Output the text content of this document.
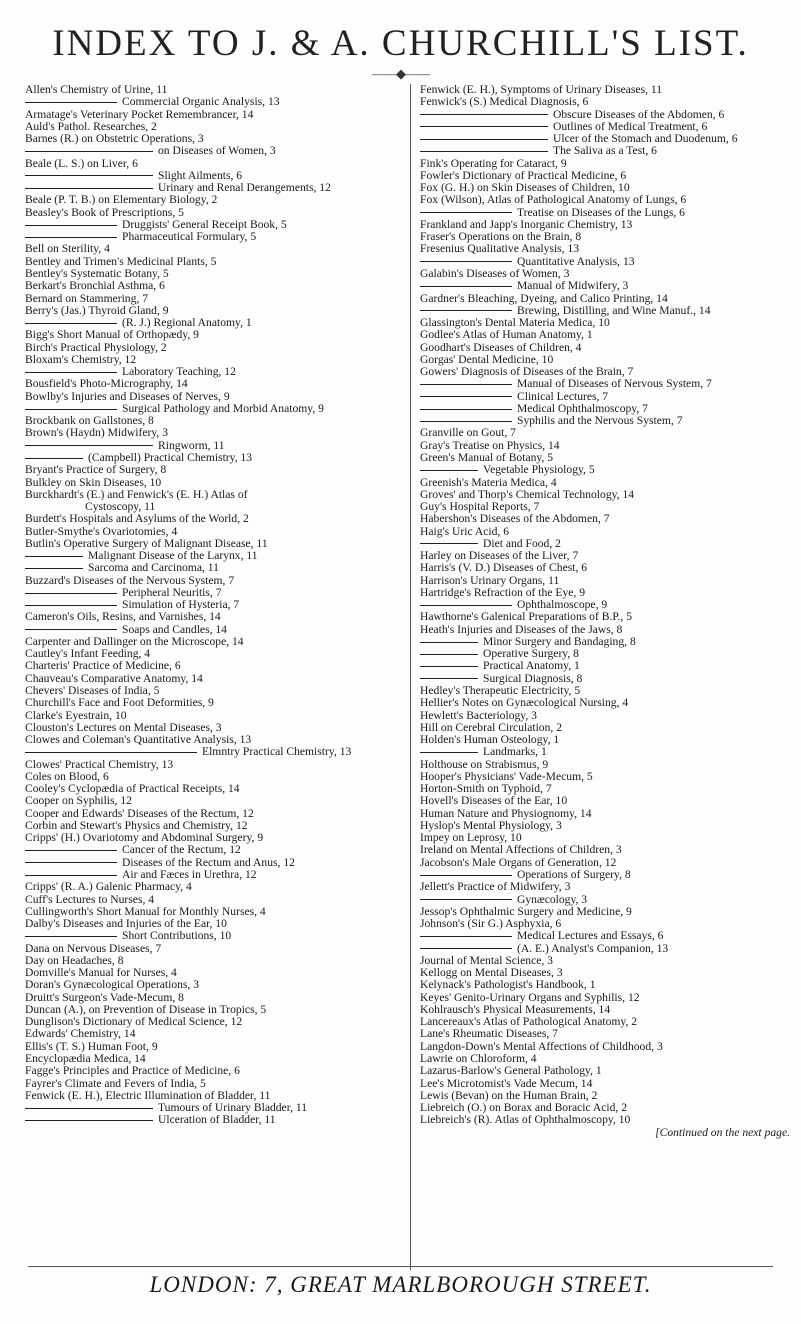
INDEX TO J. & A. CHURCHILL'S LIST.
——◆——
Allen's Chemistry of Urine, 11
Commercial Organic Analysis, 13
Armatage's Veterinary Pocket Remembrancer, 14
Auld's Pathol. Researches, 2
Barnes (R.) on Obstetric Operations, 3
on Diseases of Women, 3
Beale (L. S.) on Liver, 6
Slight Ailments, 6
Urinary and Renal Derangements, 12
Beale (P. T. B.) on Elementary Biology, 2
Beasley's Book of Prescriptions, 5
Druggists' General Receipt Book, 5
Pharmaceutical Formulary, 5
Bell on Sterility, 4
Bentley and Trimen's Medicinal Plants, 5
Bentley's Systematic Botany, 5
Berkart's Bronchial Asthma, 6
Bernard on Stammering, 7
Berry's (Jas.) Thyroid Gland, 9
(R. J.) Regional Anatomy, 1
Bigg's Short Manual of Orthopædy, 9
Birch's Practical Physiology, 2
Bloxam's Chemistry, 12
Laboratory Teaching, 12
Bousfield's Photo-Micrography, 14
Bowlby's Injuries and Diseases of Nerves, 9
Surgical Pathology and Morbid Anatomy, 9
Brockbank on Gallstones, 8
Brown's (Haydn) Midwifery, 3
Ringworm, 11
(Campbell) Practical Chemistry, 13
Bryant's Practice of Surgery, 8
Bulkley on Skin Diseases, 10
Burckhardt's (E.) and Fenwick's (E. H.) Atlas of
Cystoscopy, 11
Burdett's Hospitals and Asylums of the World, 2
Butler-Smythe's Ovariotomies, 4
Butlin's Operative Surgery of Malignant Disease, 11
Malignant Disease of the Larynx, 11
Sarcoma and Carcinoma, 11
Buzzard's Diseases of the Nervous System, 7
Peripheral Neuritis, 7
Simulation of Hysteria, 7
Cameron's Oils, Resins, and Varnishes, 14
Soaps and Candles, 14
Carpenter and Dallinger on the Microscope, 14
Cautley's Infant Feeding, 4
Charteris' Practice of Medicine, 6
Chauveau's Comparative Anatomy, 14
Chevers' Diseases of India, 5
Churchill's Face and Foot Deformities, 9
Clarke's Eyestrain, 10
Clouston's Lectures on Mental Diseases, 3
Clowes and Coleman's Quantitative Analysis, 13
Elmntry Practical Chemistry, 13
Clowes' Practical Chemistry, 13
Coles on Blood, 6
Cooley's Cyclopædia of Practical Receipts, 14
Cooper on Syphilis, 12
Cooper and Edwards' Diseases of the Rectum, 12
Corbin and Stewart's Physics and Chemistry, 12
Cripps' (H.) Ovariotomy and Abdominal Surgery, 9
Cancer of the Rectum, 12
Diseases of the Rectum and Anus, 12
Air and Fæces in Urethra, 12
Cripps' (R. A.) Galenic Pharmacy, 4
Cuff's Lectures to Nurses, 4
Cullingworth's Short Manual for Monthly Nurses, 4
Dalby's Diseases and Injuries of the Ear, 10
Short Contributions, 10
Dana on Nervous Diseases, 7
Day on Headaches, 8
Domville's Manual for Nurses, 4
Doran's Gynæcological Operations, 3
Druitt's Surgeon's Vade-Mecum, 8
Duncan (A.), on Prevention of Disease in Tropics, 5
Dunglison's Dictionary of Medical Science, 12
Edwards' Chemistry, 14
Ellis's (T. S.) Human Foot, 9
Encyclopædia Medica, 14
Fagge's Principles and Practice of Medicine, 6
Fayrer's Climate and Fevers of India, 5
Fenwick (E. H.), Electric Illumination of Bladder, 11
Tumours of Urinary Bladder, 11
Ulceration of Bladder, 11
Fenwick (E. H.), Symptoms of Urinary Diseases, 11
Fenwick's (S.) Medical Diagnosis, 6
Obscure Diseases of the Abdomen, 6
Outlines of Medical Treatment, 6
Ulcer of the Stomach and Duodenum, 6
The Saliva as a Test, 6
Fink's Operating for Cataract, 9
Fowler's Dictionary of Practical Medicine, 6
Fox (G. H.) on Skin Diseases of Children, 10
Fox (Wilson), Atlas of Pathological Anatomy of Lungs, 6
Treatise on Diseases of the Lungs, 6
Frankland and Japp's Inorganic Chemistry, 13
Fraser's Operations on the Brain, 8
Fresenius Qualitative Analysis, 13
Quantitative Analysis, 13
Galabin's Diseases of Women, 3
Manual of Midwifery, 3
Gardner's Bleaching, Dyeing, and Calico Printing, 14
Brewing, Distilling, and Wine Manuf., 14
Glassington's Dental Materia Medica, 10
Godlee's Atlas of Human Anatomy, 1
Goodhart's Diseases of Children, 4
Gorgas' Dental Medicine, 10
Gowers' Diagnosis of Diseases of the Brain, 7
Manual of Diseases of Nervous System, 7
Clinical Lectures, 7
Medical Ophthalmoscopy, 7
Syphilis and the Nervous System, 7
Granville on Gout, 7
Gray's Treatise on Physics, 14
Green's Manual of Botany, 5
Vegetable Physiology, 5
Greenish's Materia Medica, 4
Groves' and Thorp's Chemical Technology, 14
Guy's Hospital Reports, 7
Habershon's Diseases of the Abdomen, 7
Haig's Uric Acid, 6
Diet and Food, 2
Harley on Diseases of the Liver, 7
Harris's (V. D.) Diseases of Chest, 6
Harrison's Urinary Organs, 11
Hartridge's Refraction of the Eye, 9
Ophthalmoscope, 9
Hawthorne's Galenical Preparations of B.P., 5
Heath's Injuries and Diseases of the Jaws, 8
Minor Surgery and Bandaging, 8
Operative Surgery, 8
Practical Anatomy, 1
Surgical Diagnosis, 8
Hedley's Therapeutic Electricity, 5
Hellier's Notes on Gynæcological Nursing, 4
Hewlett's Bacteriology, 3
Hill on Cerebral Circulation, 2
Holden's Human Osteology, 1
Landmarks, 1
Holthouse on Strabismus, 9
Hooper's Physicians' Vade-Mecum, 5
Horton-Smith on Typhoid, 7
Hovell's Diseases of the Ear, 10
Human Nature and Physiognomy, 14
Hyslop's Mental Physiology, 3
Impey on Leprosy, 10
Ireland on Mental Affections of Children, 3
Jacobson's Male Organs of Generation, 12
Operations of Surgery, 8
Jellett's Practice of Midwifery, 3
Gynæcology, 3
Jessop's Ophthalmic Surgery and Medicine, 9
Johnson's (Sir G.) Asphyxia, 6
Medical Lectures and Essays, 6
(A. E.) Analyst's Companion, 13
Journal of Mental Science, 3
Kellogg on Mental Diseases, 3
Kelynack's Pathologist's Handbook, 1
Keyes' Genito-Urinary Organs and Syphilis, 12
Kohlrausch's Physical Measurements, 14
Lancereaux's Atlas of Pathological Anatomy, 2
Lane's Rheumatic Diseases, 7
Langdon-Down's Mental Affections of Childhood, 3
Lawrie on Chloroform, 4
Lazarus-Barlow's General Pathology, 1
Lee's Microtomist's Vade Mecum, 14
Lewis (Bevan) on the Human Brain, 2
Liebreich (O.) on Borax and Boracic Acid, 2
Liebreich's (R). Atlas of Ophthalmoscopy, 10
[Continued on the next page.
LONDON: 7, GREAT MARLBOROUGH STREET.
